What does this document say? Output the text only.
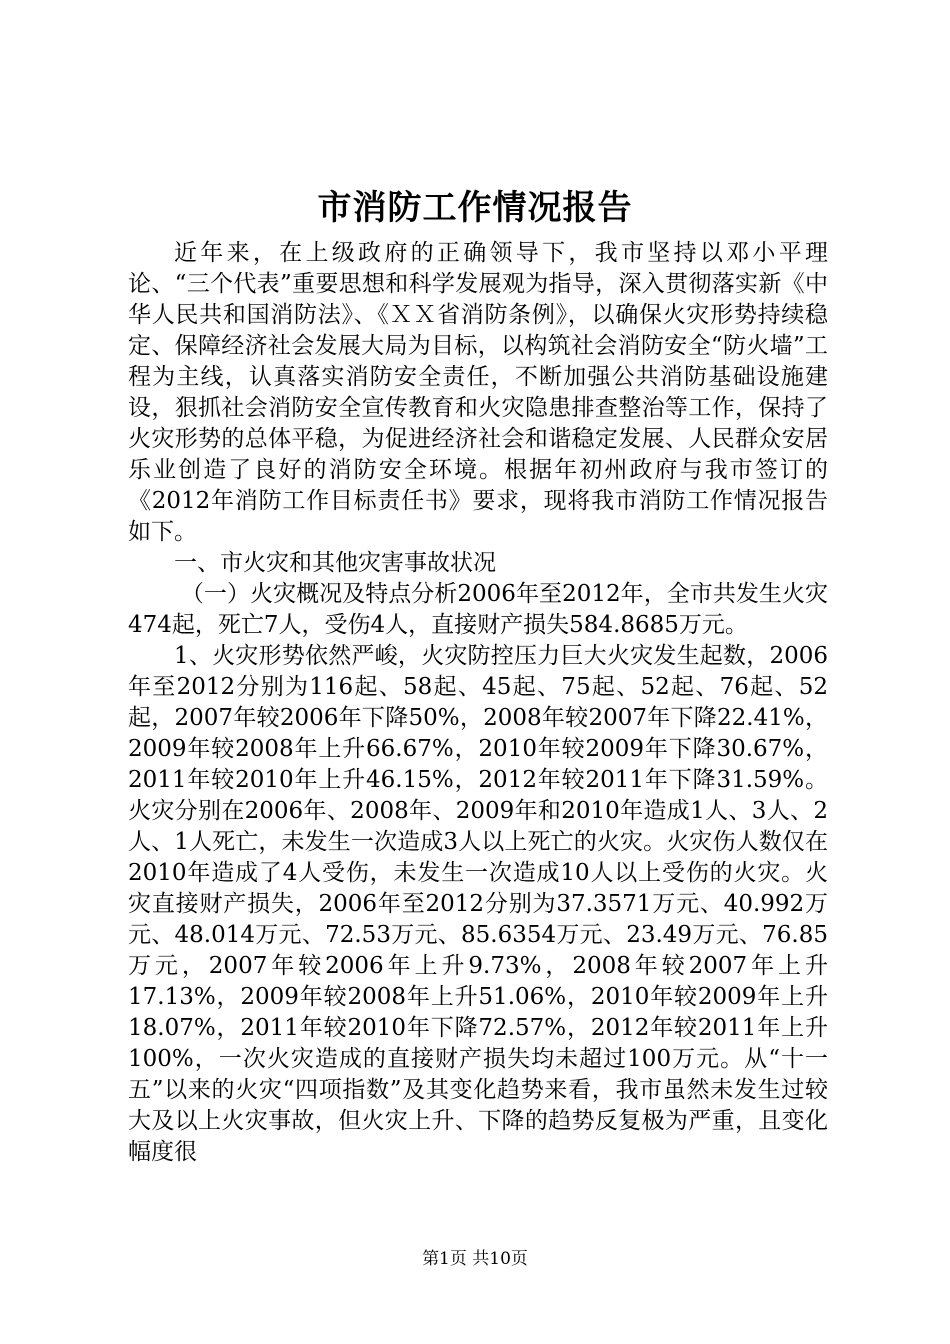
市消防工作情况报告

近年来，在上级政府的正确领导下，我市坚持以邓小平理论、“三个代表”重要思想和科学发展观为指导，深入贯彻落实新《中华人民共和国消防法》、《ＸＸ省消防条例》，以确保火灾形势持续稳定、保障经济社会发展大局为目标，以构筑社会消防安全“防火墙”工程为主线，认真落实消防安全责任，不断加强公共消防基础设施建设，狠抓社会消防安全宣传教育和火灾隐患排查整治等工作，保持了火灾形势的总体平稳，为促进经济社会和谐稳定发展、人民群众安居乐业创造了良好的消防安全环境。根据年初州政府与我市签订的《2012年消防工作目标责任书》要求，现将我市消防工作情况报告如下。

一、市火灾和其他灾害事故状况

（一）火灾概况及特点分析2006年至2012年，全市共发生火灾474起，死亡7人，受伤4人，直接财产损失584.8685万元。

1、火灾形势依然严峻，火灾防控压力巨大火灾发生起数，2006年至2012分别为116起、58起、45起、75起、52起、76起、52起，2007年较2006年下降50%，2008年较2007年下降22.41%，2009年较2008年上升66.67%，2010年较2009年下降30.67%，2011年较2010年上升46.15%，2012年较2011年下降31.59%。火灾分别在2006年、2008年、2009年和2010年造成1人、3人、2人、1人死亡，未发生一次造成3人以上死亡的火灾。火灾伤人数仅在2010年造成了4人受伤，未发生一次造成10人以上受伤的火灾。火灾直接财产损失，2006年至2012分别为37.3571万元、40.992万元、48.014万元、72.53万元、85.6354万元、23.49万元、76.85万元，2007年较2006年上升9.73%，2008年较2007年上升17.13%，2009年较2008年上升51.06%，2010年较2009年上升18.07%，2011年较2010年下降72.57%，2012年较2011年上升100%，一次火灾造成的直接财产损失均未超过100万元。从“十一五”以来的火灾“四项指数”及其变化趋势来看，我市虽然未发生过较大及以上火灾事故，但火灾上升、下降的趋势反复极为严重，且变化幅度很

第1页 共10页
